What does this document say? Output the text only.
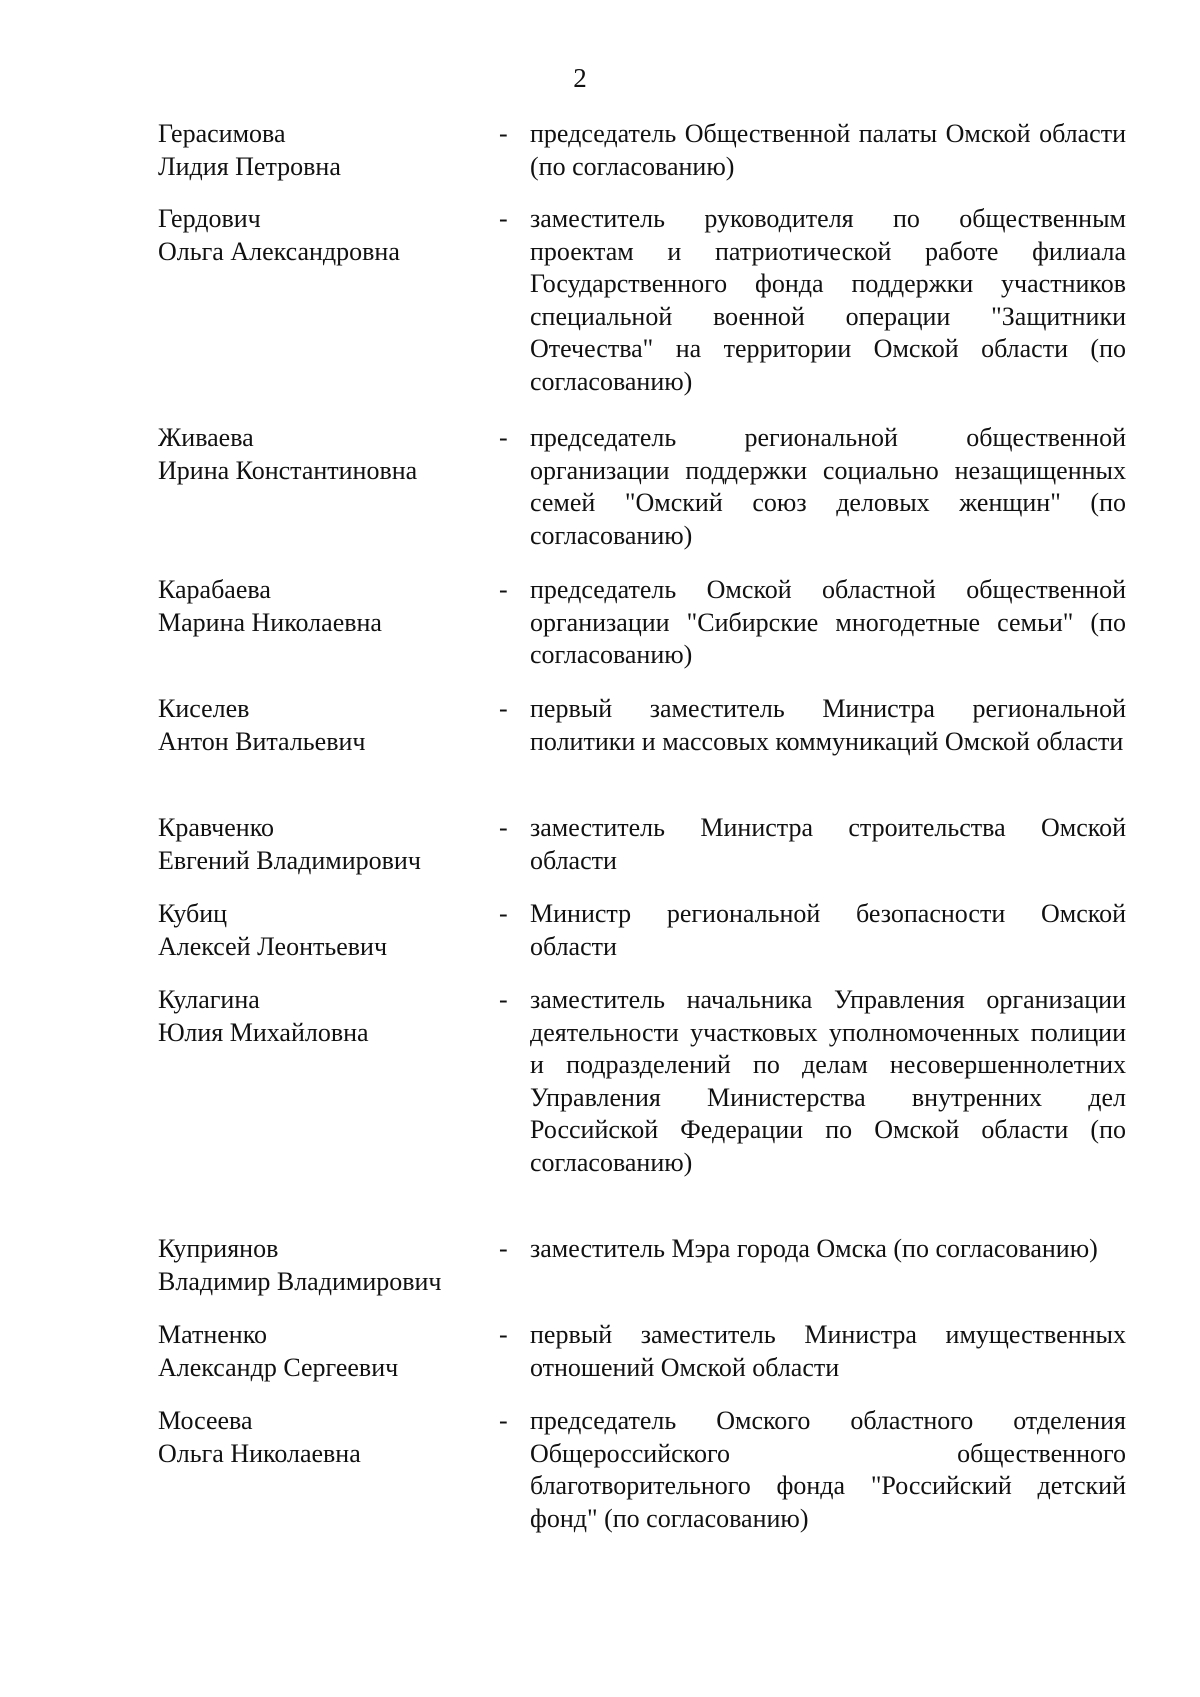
2
Герасимова
Лидия Петровна
- председатель Общественной палаты Омской области (по согласованию)
Гердович
Ольга Александровна
- заместитель руководителя по общественным проектам и патриотической работе филиала Государственного фонда поддержки участников специальной военной операции "Защитники Отечества" на территории Омской области (по согласованию)
Живаева
Ирина Константиновна
- председатель региональной общественной организации поддержки социально незащищенных семей "Омский союз деловых женщин" (по согласованию)
Карабаева
Марина Николаевна
- председатель Омской областной общественной организации "Сибирские многодетные семьи" (по согласованию)
Киселев
Антон Витальевич
- первый заместитель Министра региональной политики и массовых коммуникаций Омской области
Кравченко
Евгений Владимирович
- заместитель Министра строительства Омской области
Кубиц
Алексей Леонтьевич
- Министр региональной безопасности Омской области
Кулагина
Юлия Михайловна
- заместитель начальника Управления организации деятельности участковых уполномоченных полиции и подразделений по делам несовершеннолетних Управления Министерства внутренних дел Российской Федерации по Омской области (по согласованию)
Куприянов
Владимир Владимирович
- заместитель Мэра города Омска (по согласованию)
Матненко
Александр Сергеевич
- первый заместитель Министра имущественных отношений Омской области
Мосеева
Ольга Николаевна
- председатель Омского областного отделения Общероссийского общественного благотворительного фонда "Российский детский фонд" (по согласованию)
